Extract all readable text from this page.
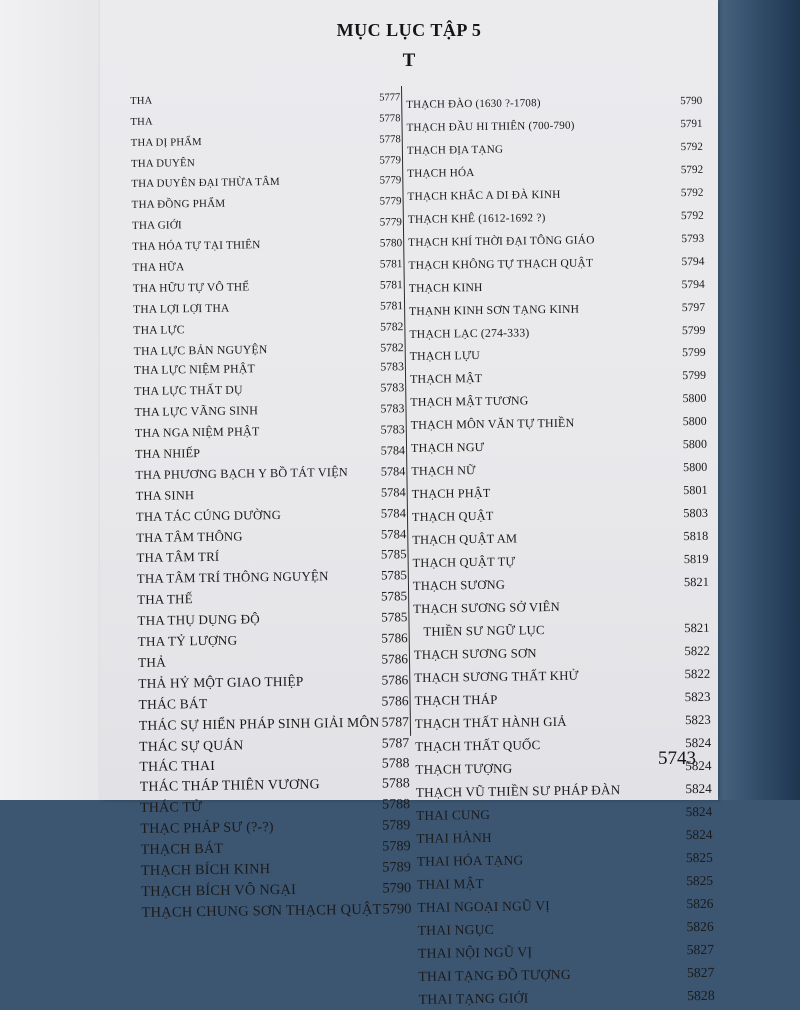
MỤC LỤC TẬP 5
T
THA	5777
THA	5778
THA DỊ PHẨM	5778
THA DUYÊN	5779
THA DUYÊN ĐẠI THỪA TÂM	5779
THA ĐỒNG PHẨM	5779
THA GIỚI	5779
THA HÓA TỰ TẠI THIÊN	5780
THA HỮA	5781
THA HỮU TỰ VÔ THỂ	5781
THA LỢI LỢI THA	5781
THA LỰC	5782
THA LỰC BẢN NGUYỆN	5782
THA LỰC NIỆM PHẬT	5783
THA LỰC THẤT DỤ	5783
THA LỰC VÃNG SINH	5783
THA NGA NIỆM PHẬT	5783
THA NHIẾP	5784
THA PHƯƠNG BẠCH Y BỒ TÁT VIỆN	5784
THA SINH	5784
THA TÁC CÚNG DƯỜNG	5784
THA TÂM THÔNG	5784
THA TÂM TRÍ	5785
THA TÂM TRÍ THÔNG NGUYỆN	5785
THA THẾ	5785
THA THỤ DỤNG ĐỘ	5785
THA TỶ LƯỢNG	5786
THẢ	5786
THẢ HỶ MỘT GIAO THIỆP	5786
THÁC BÁT	5786
THÁC SỰ HIỂN PHÁP SINH GIẢI MÔN 5787
THÁC SỰ QUÁN	5787
THÁC THAI	5788
THÁC THÁP THIÊN VƯƠNG	5788
THÁC TỬ	5788
THẠC PHÁP SƯ (?-?)	5789
THẠCH BÁT	5789
THẠCH BÍCH KINH	5789
THẠCH BÍCH VÔ NGẠI	5790
THẠCH CHUNG SƠN THẠCH QUẬT 5790
THẠCH ĐÀO (1630 ?-1708)	5790
THẠCH ĐẦU HI THIÊN (700-790)	5791
THẠCH ĐỊA TẠNG	5792
THẠCH HÓA	5792
THẠCH KHẮC A DI ĐÀ KINH	5792
THẠCH KHÊ (1612-1692 ?)	5792
THẠCH KHÍ THỜI ĐẠI TÔNG GIÁO	5793
THẠCH KHÔNG TỰ THẠCH QUẬT	5794
THẠCH KINH	5794
THẠNH KINH SƠN TẠNG KINH	5797
THẠCH LẠC (274-333)	5799
THẠCH LỰU	5799
THẠCH MẬT	5799
THẠCH MẬT TƯƠNG	5800
THẠCH MÔN VĂN TỰ THIỀN	5800
THẠCH NGƯ	5800
THẠCH NỮ	5800
THẠCH PHẬT	5801
THẠCH QUẬT	5803
THẠCH QUẬT AM	5818
THẠCH QUẬT TỰ	5819
THẠCH SƯƠNG	5821
THẠCH SƯƠNG SỞ VIÊN
THIỀN SƯ NGỮ LỤC	5821
THẠCH SƯƠNG SƠN	5822
THẠCH SƯƠNG THẤT KHỬ	5822
THẠCH THÁP	5823
THẠCH THẤT HÀNH GIẢ	5823
THẠCH THẤT QUỐC	5824
THẠCH TƯỢNG	5824
THẠCH VŨ THIỀN SƯ PHÁP ĐÀN	5824
THAI CUNG	5824
THAI HÀNH	5824
THAI HÓA TẠNG	5825
THAI MẬT	5825
THAI NGOẠI NGŨ VỊ	5826
THAI NGỤC	5826
THAI NỘI NGŨ VỊ	5827
THAI TẠNG ĐỒ TƯỢNG	5827
THAI TẠNG GIỚI	5828
5743
